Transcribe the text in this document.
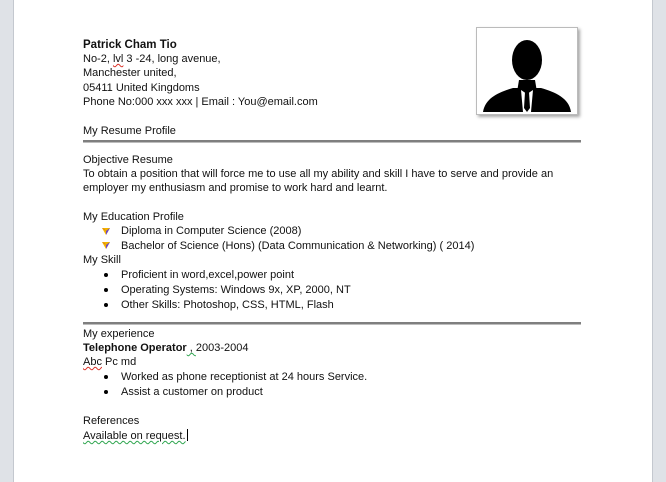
Patrick Cham Tio
No-2, lvl 3 -24, long avenue,
Manchester united,
05411 United Kingdoms
Phone No:000 xxx xxx | Email : You@email.com
My Resume Profile
Objective Resume
To obtain a position that will force me to use all my ability and skill I have to serve and provide an
employer my enthusiasm and promise to work hard and learnt.
My Education Profile
Diploma in Computer Science (2008)
Bachelor of Science (Hons) (Data Communication & Networking) ( 2014)
My Skill
Proficient in word,excel,power point
Operating Systems: Windows 9x, XP, 2000, NT
Other Skills: Photoshop, CSS, HTML, Flash
My experience
Telephone Operator , 2003-2004
Abc Pc md
Worked as phone receptionist at 24 hours Service.
Assist a customer on product
References
Available on request.
